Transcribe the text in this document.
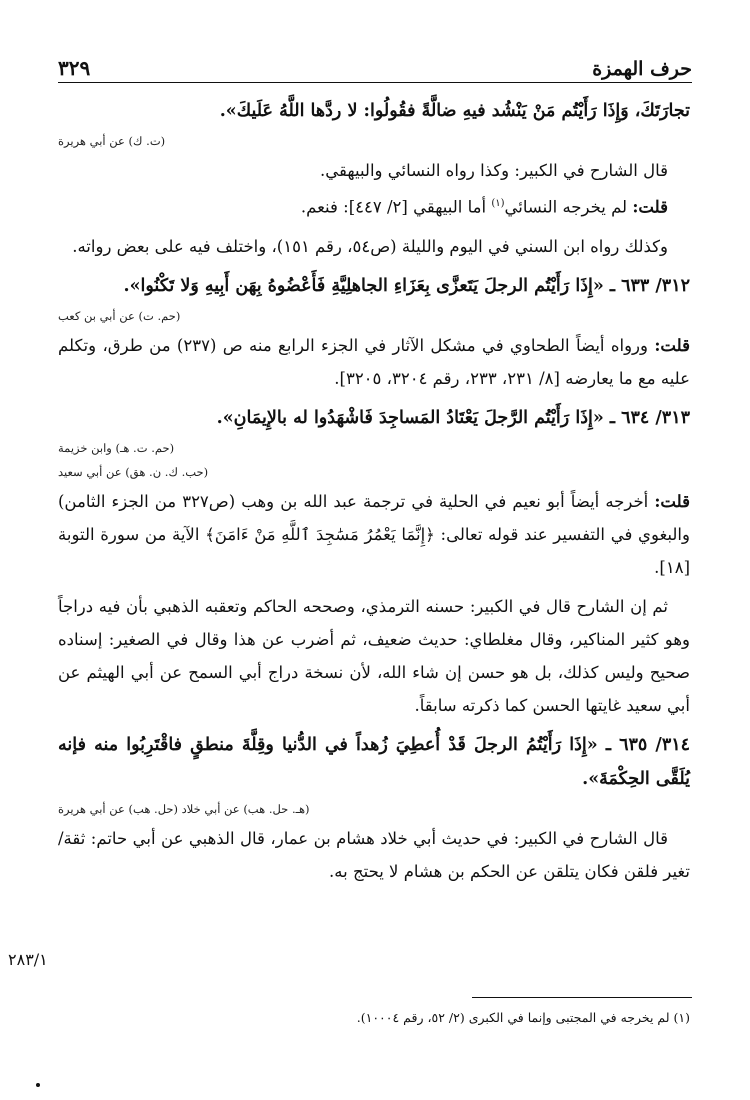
حرف الهمزة
٣٢٩

تجارَتَكَ، وَإِذَا رَأَيْتُم مَنْ يَنْشُد فيهِ ضالَّةً فقُولُوا: لا ردَّها اللَّهُ عَلَيكَ».

(ت. ك) عن أبي هريرة

قال الشارح في الكبير: وكذا رواه النسائي والبيهقي.

قلت: لم يخرجه النسائي$^{(١)}$ أما البيهقي [٢/ ٤٤٧]: فنعم.

وكذلك رواه ابن السني في اليوم والليلة (ص٥٤، رقم ١٥١)، واختلف فيه على بعض رواته.

٣١٢/ ٦٣٣ ـ «إِذَا رَأَيْتُم الرجلَ يَتَعزَّى بِعَزَاءِ الجاهلِيَّةِ فَأَعْضُوهُ بِهَن أَبِيهِ وَلا تَكْنُوا».

(حم. ت) عن أبي بن كعب

قلت: ورواه أيضاً الطحاوي في مشكل الآثار في الجزء الرابع منه ص (٢٣٧) من طرق، وتكلم عليه مع ما يعارضه [٨/ ٢٣١، ٢٣٣، رقم ٣٢٠٤، ٣٢٠٥].

٣١٣/ ٦٣٤ ـ «إِذَا رَأَيْتُم الرَّجلَ يَعْتَادُ المَساجِدَ فَاشْهَدُوا له بالإِيمَانِ».

(حم. ت. هـ) وابن خزيمة
(حب. ك. ن. هق) عن أبي سعيد

قلت: أخرجه أيضاً أبو نعيم في الحلية في ترجمة عبد الله بن وهب (ص٣٢٧ من الجزء الثامن) والبغوي في التفسير عند قوله تعالى: ﴿إِنَّمَا يَعْمُرُ مَسَٰجِدَ ٱللَّهِ مَنْ ءَامَنَ﴾ الآية من سورة التوبة [١٨].

ثم إن الشارح قال في الكبير: حسنه الترمذي، وصححه الحاكم وتعقبه الذهبي بأن فيه دراجاً وهو كثير المناكير، وقال مغلطاي: حديث ضعيف، ثم أضرب عن هذا وقال في الصغير: إسناده صحيح وليس كذلك، بل هو حسن إن شاء الله، لأن نسخة دراج أبي السمح عن أبي الهيثم عن أبي سعيد غايتها الحسن كما ذكرته سابقاً.

٣١٤/ ٦٣٥ ـ «إِذَا رَأَيْتُمُ الرجلَ قَدْ أُعطِيَ زُهداً في الدُّنيا وقِلَّةَ منطقٍ فاقْتَرِبُوا منه فإنه يُلَقَّى الحِكْمَةَ».

(هـ. حل. هب) عن أبي خلاد (حل. هب) عن أبي هريرة

قال الشارح في الكبير: في حديث أبي خلاد هشام بن عمار، قال الذهبي عن أبي حاتم: ثقة/ تغير فلقن فكان يتلقن عن الحكم بن هشام لا يحتج به.

٢٨٣/١
(١) لم يخرجه في المجتبى وإنما في الكبرى (٢/ ٥٢، رقم ١٠٠٠٤).
